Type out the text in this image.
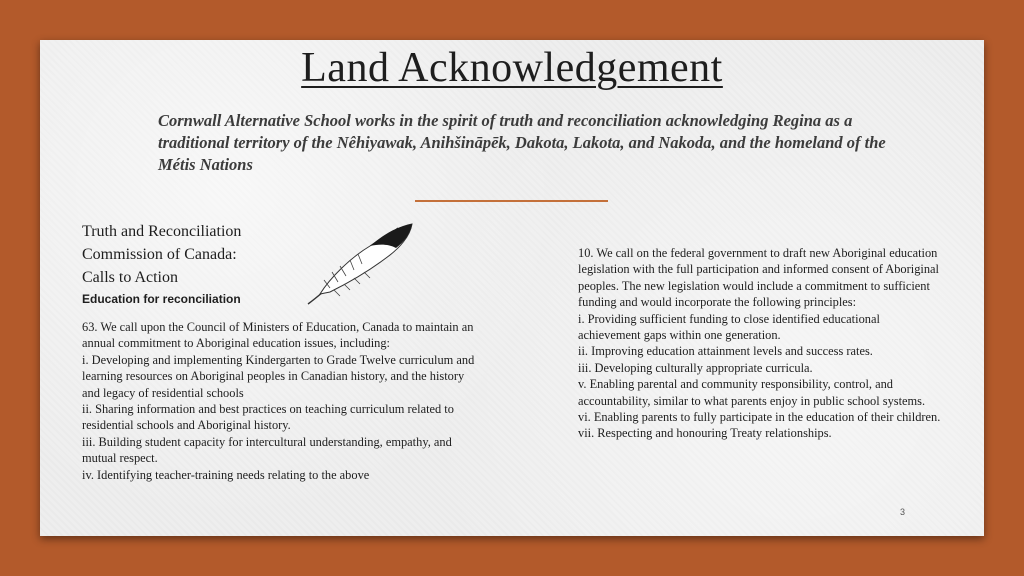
Land Acknowledgement
Cornwall Alternative School works in the spirit of truth and reconciliation acknowledging Regina as a traditional territory of the Nêhiyawak, Anihšināpēk, Dakota, Lakota, and Nakoda, and the homeland of the Métis Nations
Truth and Reconciliation
Commission of Canada:
Calls to Action
Education for reconciliation

63. We call upon the Council of Ministers of Education, Canada to maintain an annual commitment to Aboriginal education issues, including:

i. Developing and implementing Kindergarten to Grade Twelve curriculum and learning resources on Aboriginal peoples in Canadian history, and the history and legacy of residential schools

ii. Sharing information and best practices on teaching curriculum related to residential schools and Aboriginal history.

iii. Building student capacity for intercultural understanding, empathy, and mutual respect.

iv. Identifying teacher-training needs relating to the above

10. We call on the federal government to draft new Aboriginal education legislation with the full participation and informed consent of Aboriginal peoples. The new legislation would include a commitment to sufficient funding and would incorporate the following principles:

i. Providing sufficient funding to close identified educational achievement gaps within one generation.

ii. Improving education attainment levels and success rates.

iii. Developing culturally appropriate curricula.

v. Enabling parental and community responsibility, control, and accountability, similar to what parents enjoy in public school systems.

vi. Enabling parents to fully participate in the education of their children. vii. Respecting and honouring Treaty relationships.

3
